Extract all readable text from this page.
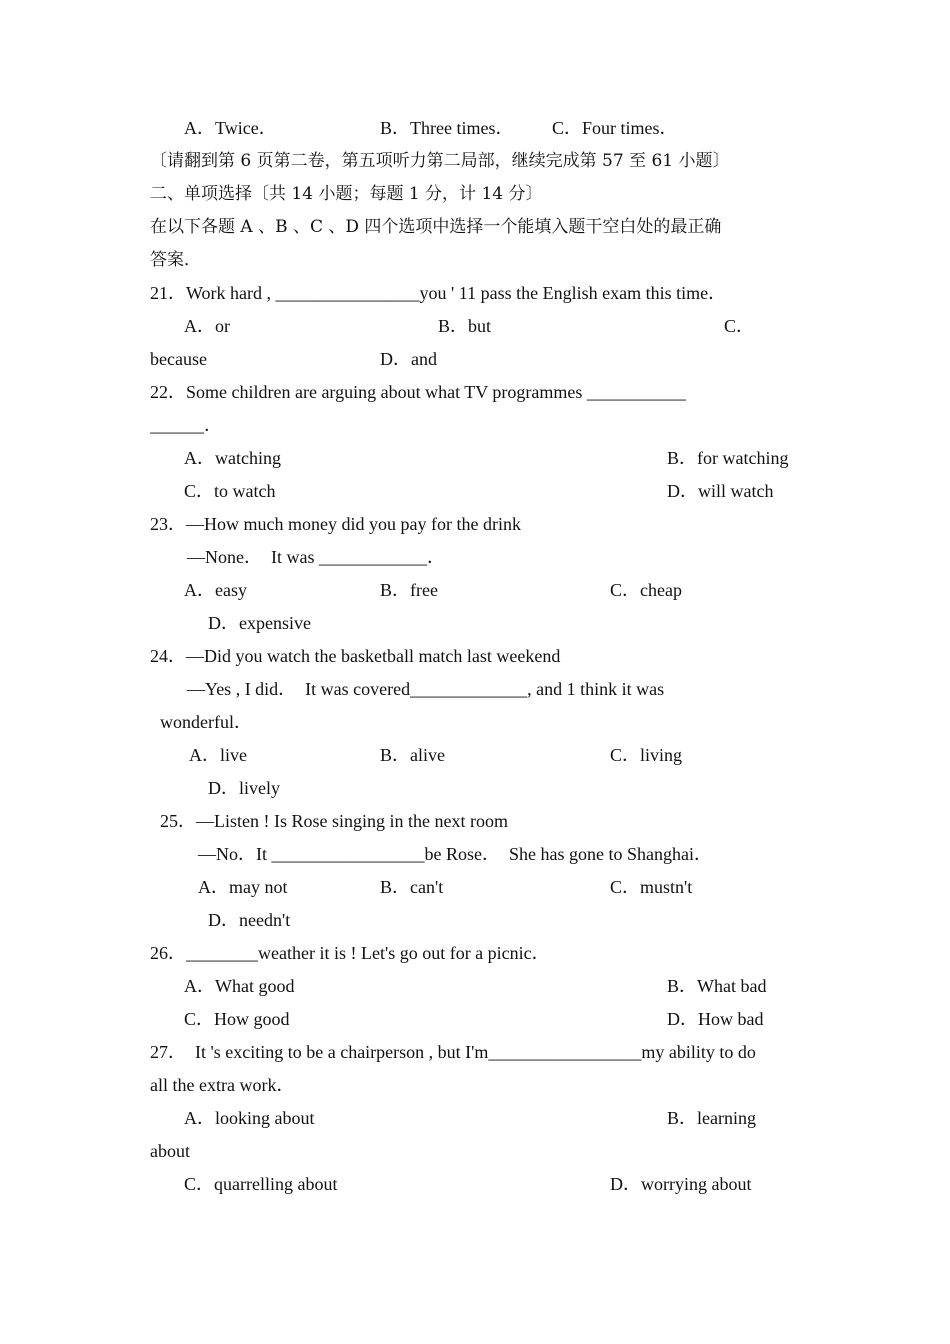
A．Twice．	B．Three times． C．Four times．
〔请翻到第 6 页第二卷，第五项听力第二局部，继续完成第 57 至 61 小题〕
二、单项选择〔共 14 小题；每题 1 分，计 14 分〕
在以下各题 A 、B 、C 、D 四个选项中选择一个能填入题干空白处的最正确
答案．
21．Work hard , ________________you ' 11 pass the English exam this time．
A．or	B．but	C．
because	D．and
22．Some children are arguing about what TV programmes ___________
______．
A．watching	B．for watching
C．to watch	D．will watch
23．—How much money did you pay for the drink
—None．  It was ____________．
A．easy	B．free	C．cheap
D．expensive
24．—Did you watch the basketball match last weekend
—Yes , I did．  It was covered_____________, and 1 think it was
wonderful．
A．live	B．alive	C．living
D．lively
25．—Listen ! Is Rose singing in the next room
—No．It _________________be Rose．  She has gone to Shanghai．
A．may not	B．can't	C．mustn't
D．needn't
26．________weather it is ! Let's go out for a picnic．
A．What good	B．What bad
C．How good	D．How bad
27．  It 's exciting to be a chairperson , but I'm_________________my ability to do
all the extra work．
A．looking about	B．learning
about
C．quarrelling about	D．worrying about
